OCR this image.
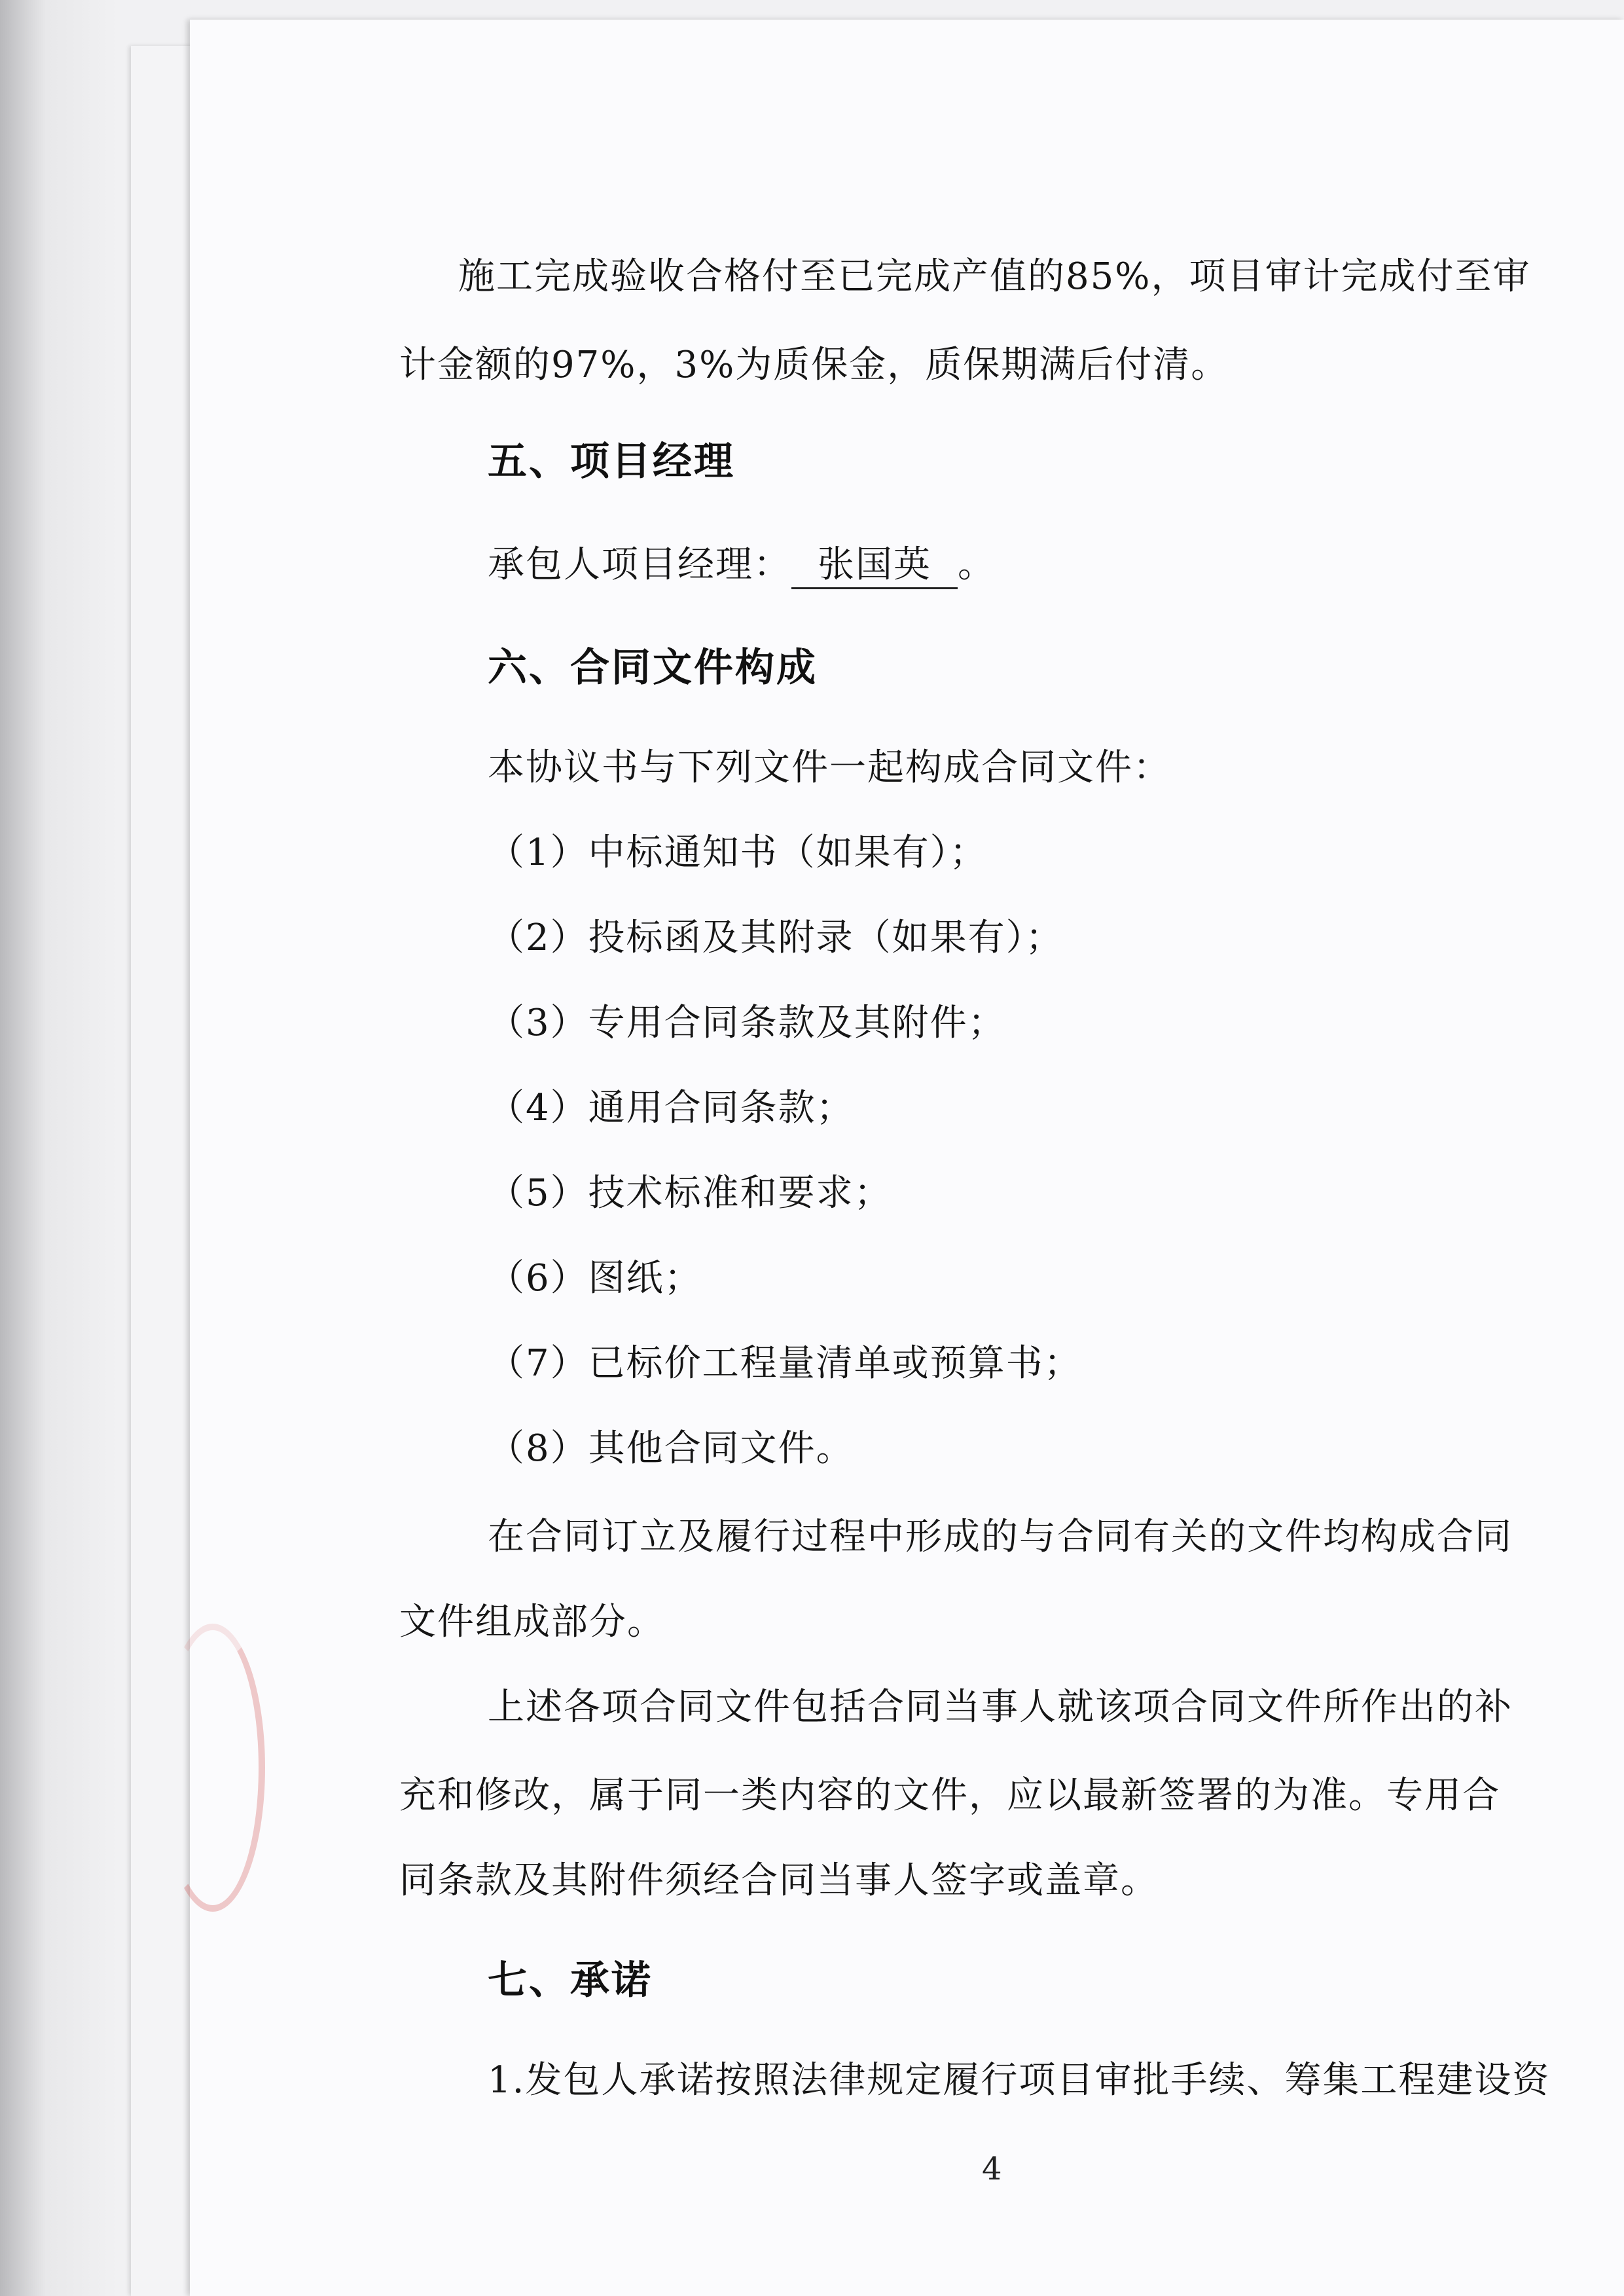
施工完成验收合格付至已完成产值的85%，项目审计完成付至审
计金额的97%，3%为质保金，质保期满后付清。
五、项目经理
承包人项目经理： 张国英 。
六、合同文件构成
本协议书与下列文件一起构成合同文件：
（1）中标通知书（如果有）；
（2）投标函及其附录（如果有）；
（3）专用合同条款及其附件；
（4）通用合同条款；
（5）技术标准和要求；
（6）图纸；
（7）已标价工程量清单或预算书；
（8）其他合同文件。
在合同订立及履行过程中形成的与合同有关的文件均构成合同
文件组成部分。
上述各项合同文件包括合同当事人就该项合同文件所作出的补
充和修改，属于同一类内容的文件，应以最新签署的为准。专用合
同条款及其附件须经合同当事人签字或盖章。
七、承诺
1.发包人承诺按照法律规定履行项目审批手续、筹集工程建设资
4
